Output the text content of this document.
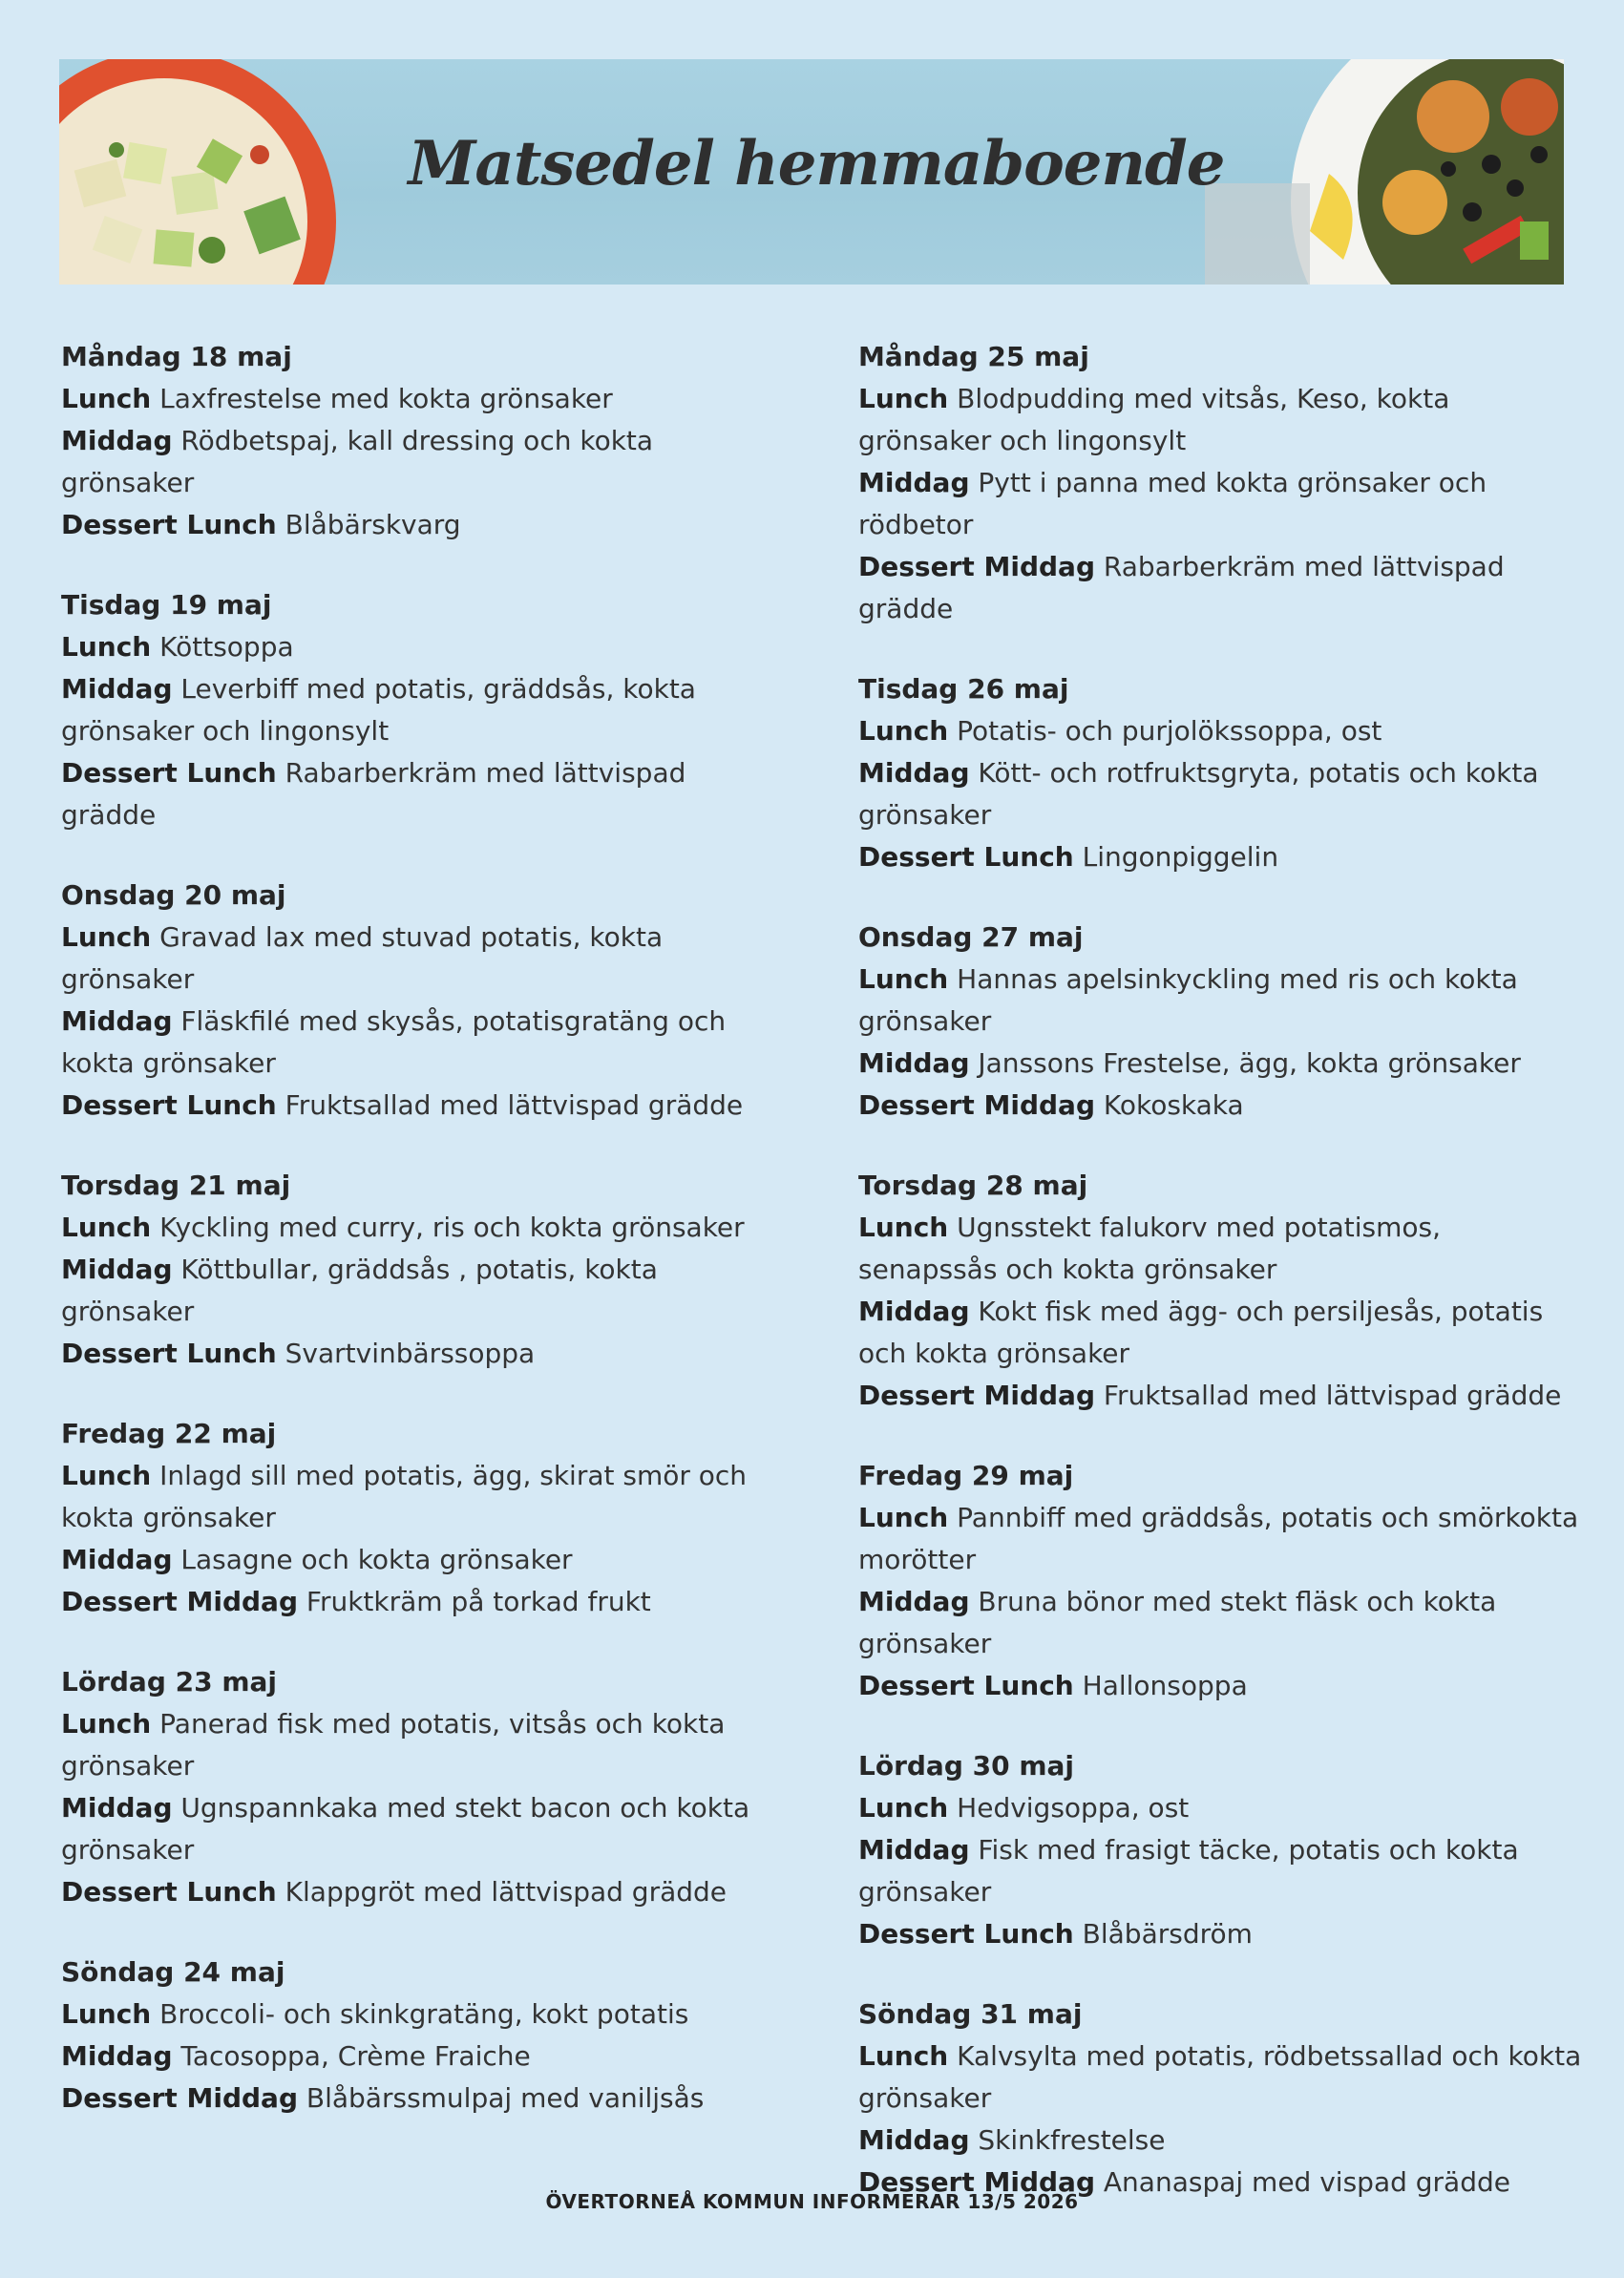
Matsedel hemmaboende
Måndag 18 maj
Lunch Laxfrestelse med kokta grönsaker
Middag Rödbetspaj, kall dressing och kokta grönsaker
Dessert Lunch Blåbärskvarg
Tisdag 19 maj
Lunch Köttsoppa
Middag Leverbiff med potatis, gräddsås, kokta grönsaker och lingonsylt
Dessert Lunch Rabarberkräm med lättvispad grädde
Onsdag 20 maj
Lunch Gravad lax med stuvad potatis, kokta grönsaker
Middag Fläskfilé med skysås, potatisgratäng och kokta grönsaker
Dessert Lunch Fruktsallad med lättvispad grädde
Torsdag 21 maj
Lunch Kyckling med curry, ris och kokta grönsaker
Middag Köttbullar, gräddsås , potatis, kokta grönsaker
Dessert Lunch Svartvinbärssoppa
Fredag 22 maj
Lunch Inlagd sill med potatis, ägg, skirat smör och kokta grönsaker
Middag Lasagne och kokta grönsaker
Dessert Middag Fruktkräm på torkad frukt
Lördag 23 maj
Lunch Panerad fisk med potatis, vitsås och kokta grönsaker
Middag Ugnspannkaka med stekt bacon och kokta grönsaker
Dessert Lunch Klappgröt med lättvispad grädde
Söndag 24 maj
Lunch Broccoli- och skinkgratäng, kokt potatis
Middag Tacosoppa, Crème Fraiche
Dessert Middag Blåbärssmulpaj med vaniljsås
Måndag 25 maj
Lunch Blodpudding med vitsås, Keso, kokta grönsaker och lingonsylt
Middag Pytt i panna med kokta grönsaker och rödbetor
Dessert Middag Rabarberkräm med lättvispad grädde
Tisdag 26 maj
Lunch Potatis- och purjolökssoppa, ost
Middag Kött- och rotfruktsgryta, potatis och kokta grönsaker
Dessert Lunch Lingonpiggelin
Onsdag 27 maj
Lunch Hannas apelsinkyckling med ris och kokta grönsaker
Middag Janssons Frestelse, ägg, kokta grönsaker
Dessert Middag Kokoskaka
Torsdag 28 maj
Lunch Ugnsstekt falukorv med potatismos, senapssås och kokta grönsaker
Middag Kokt fisk med ägg- och persiljesås, potatis och kokta grönsaker
Dessert Middag Fruktsallad med lättvispad grädde
Fredag 29 maj
Lunch Pannbiff med gräddsås, potatis och smörkokta morötter
Middag Bruna bönor med stekt fläsk och kokta grönsaker
Dessert Lunch Hallonsoppa
Lördag 30 maj
Lunch Hedvigsoppa, ost
Middag Fisk med frasigt täcke, potatis och kokta grönsaker
Dessert Lunch Blåbärsdröm
Söndag 31 maj
Lunch Kalvsylta med potatis, rödbetssallad och kokta grönsaker
Middag Skinkfrestelse
Dessert Middag Ananaspaj med vispad grädde
ÖVERTORNEÅ KOMMUN INFORMERAR 13/5 2026
